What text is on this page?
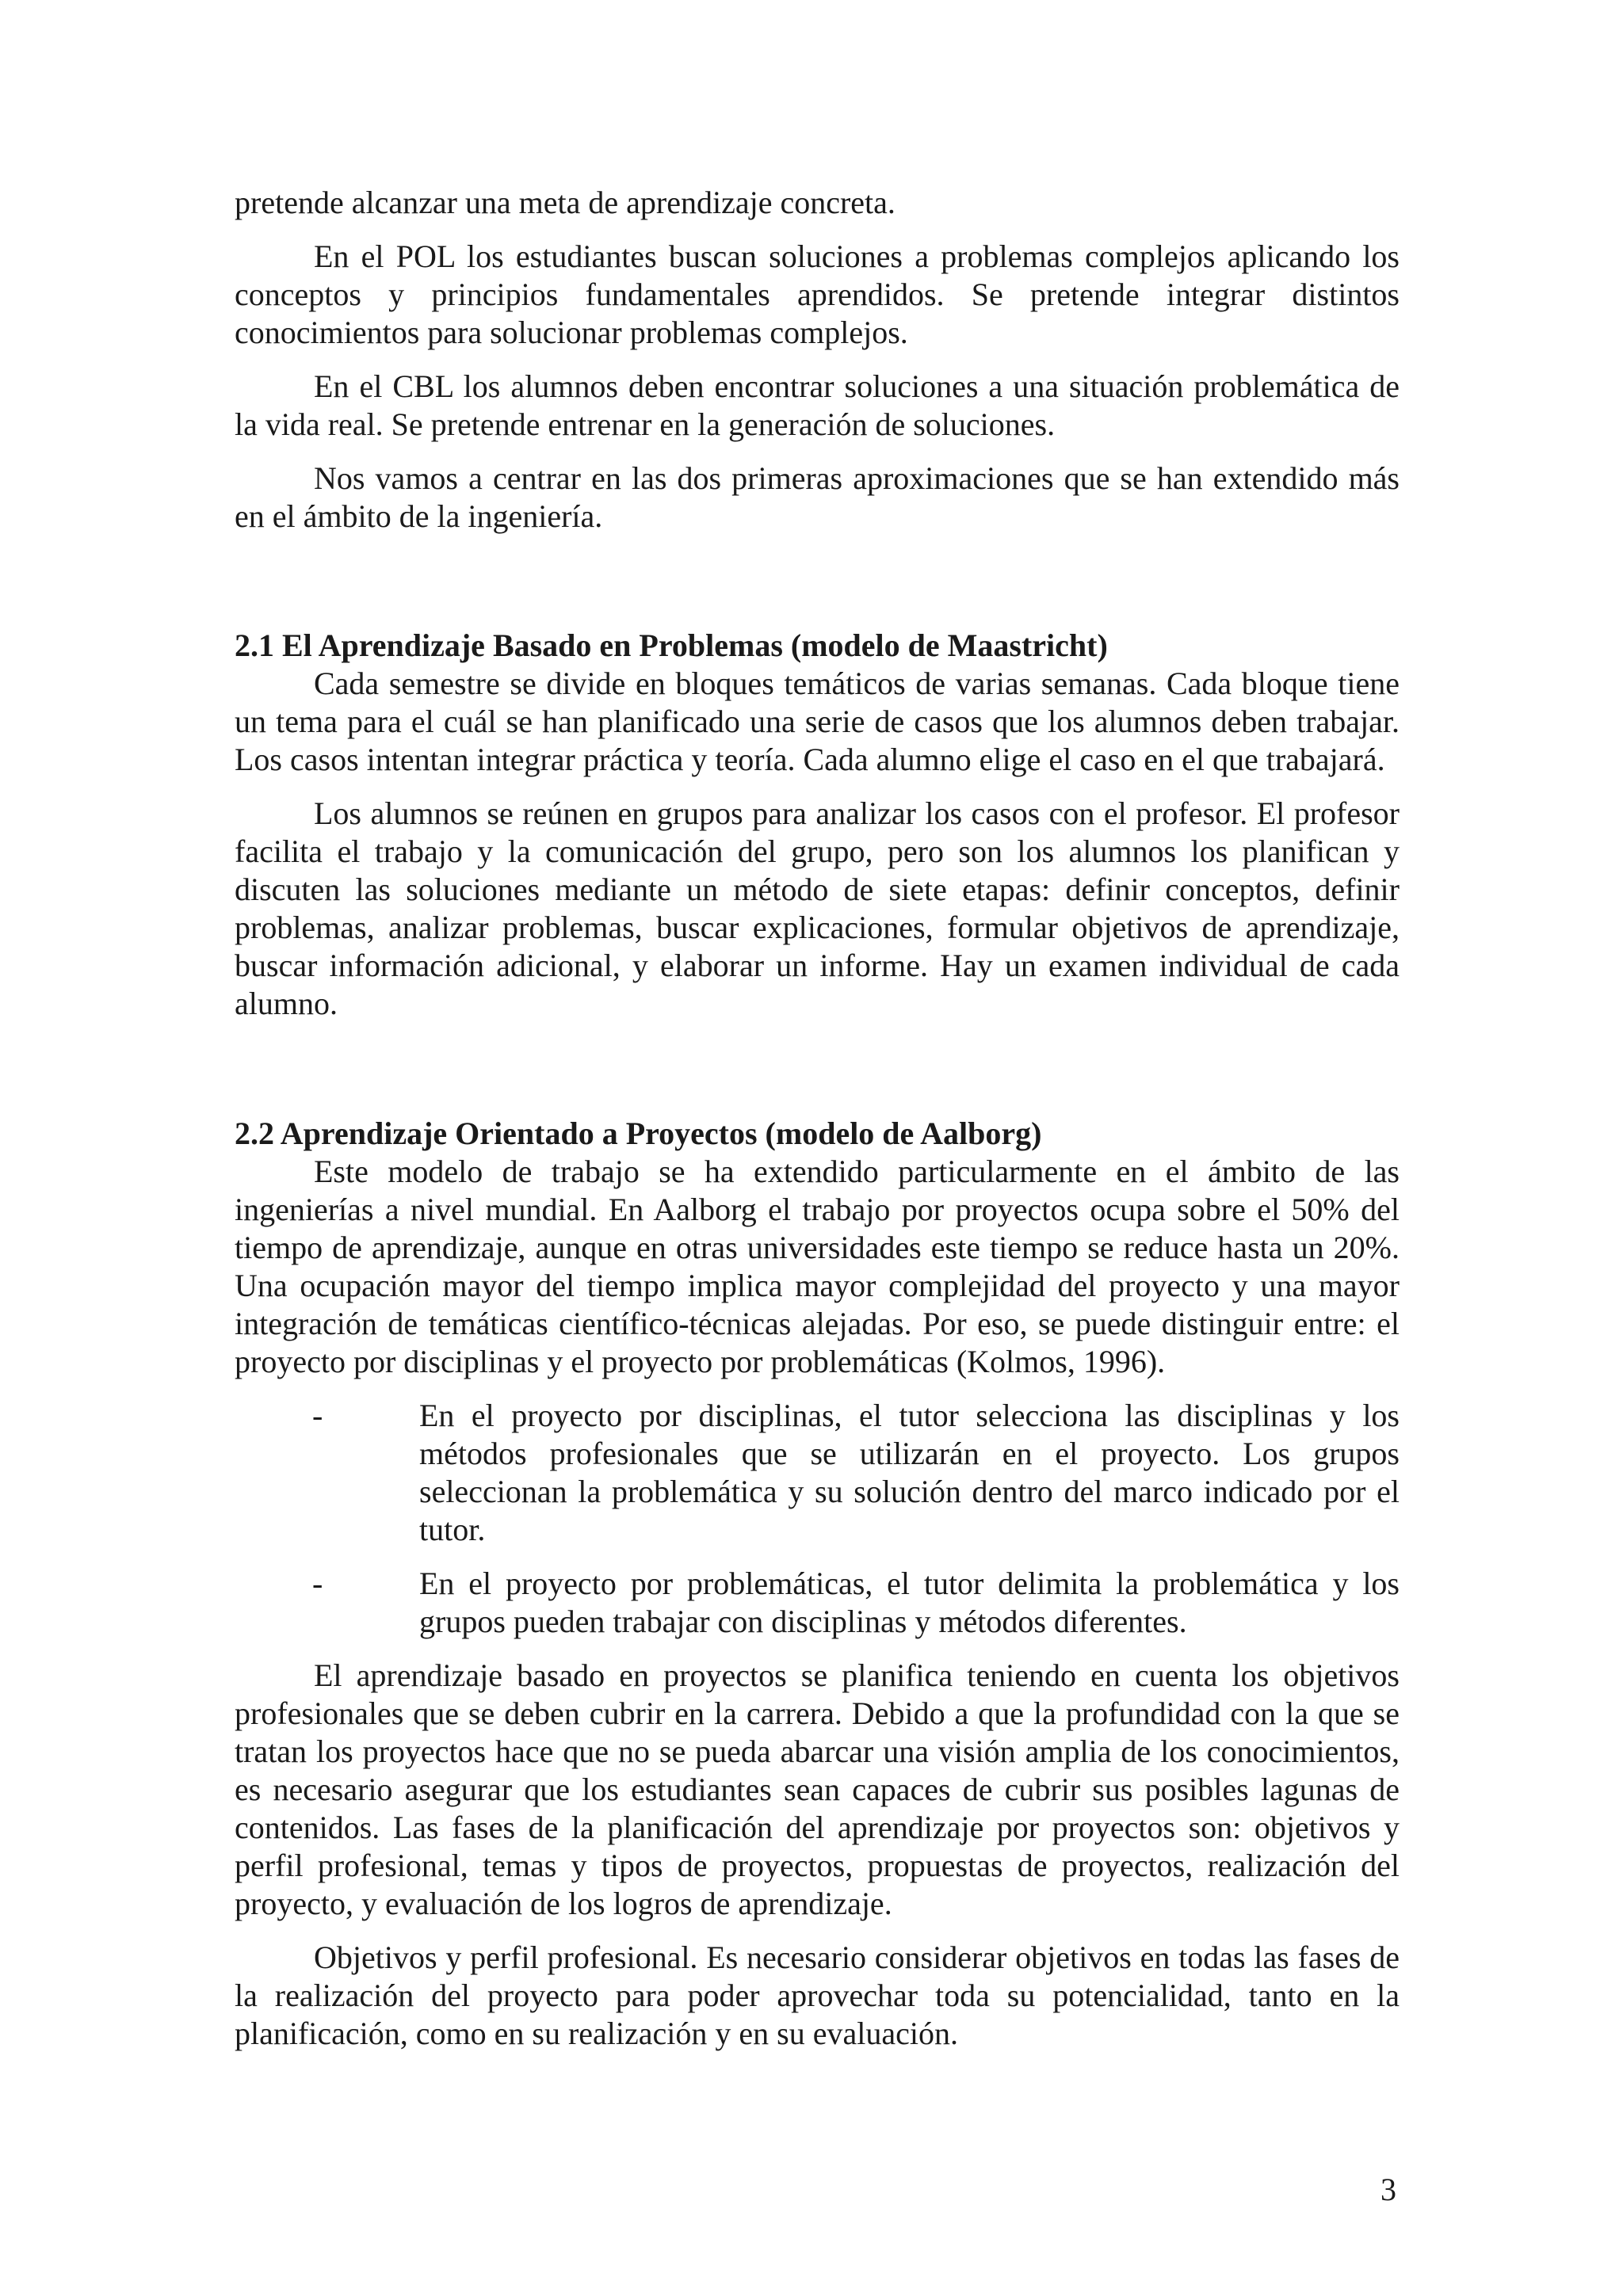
pretende alcanzar una meta de aprendizaje concreta.

En el POL los estudiantes buscan soluciones a problemas complejos aplicando los conceptos y principios fundamentales aprendidos. Se pretende integrar distintos conocimientos para solucionar problemas complejos.

En el CBL los alumnos deben encontrar soluciones a una situación problemática de la vida real. Se pretende entrenar en la generación de soluciones.

Nos vamos a centrar en las dos primeras aproximaciones que se han extendido más en el ámbito de la ingeniería.

2.1 El Aprendizaje Basado en Problemas (modelo de Maastricht)

Cada semestre se divide en bloques temáticos de varias semanas. Cada bloque tiene un tema para el cuál se han planificado una serie de casos que los alumnos deben trabajar. Los casos intentan integrar práctica y teoría. Cada alumno elige el caso en el que trabajará.

Los alumnos se reúnen en grupos para analizar los casos con el profesor. El profesor facilita el trabajo y la comunicación del grupo, pero son los alumnos los planifican y discuten las soluciones mediante un método de siete etapas: definir conceptos, definir problemas, analizar problemas, buscar explicaciones, formular objetivos de aprendizaje, buscar información adicional, y elaborar un informe. Hay un examen individual de cada alumno.

2.2 Aprendizaje Orientado a Proyectos (modelo de Aalborg)

Este modelo de trabajo se ha extendido particularmente en el ámbito de las ingenierías a nivel mundial. En Aalborg el trabajo por proyectos ocupa sobre el 50% del tiempo de aprendizaje, aunque en otras universidades este tiempo se reduce hasta un 20%. Una ocupación mayor del tiempo implica mayor complejidad del proyecto y una mayor integración de temáticas científico-técnicas alejadas. Por eso, se puede distinguir entre: el proyecto por disciplinas y el proyecto por problemáticas (Kolmos, 1996).

-	En el proyecto por disciplinas, el tutor selecciona las disciplinas y los métodos profesionales que se utilizarán en el proyecto. Los grupos seleccionan la problemática y su solución dentro del marco indicado por el tutor.
-	En el proyecto por problemáticas, el tutor delimita la problemática y los grupos pueden trabajar con disciplinas y métodos diferentes.

El aprendizaje basado en proyectos se planifica teniendo en cuenta los objetivos profesionales que se deben cubrir en la carrera. Debido a que la profundidad con la que se tratan los proyectos hace que no se pueda abarcar una visión amplia de los conocimientos, es necesario asegurar que los estudiantes sean capaces de cubrir sus posibles lagunas de contenidos. Las fases de la planificación del aprendizaje por proyectos son: objetivos y perfil profesional, temas y tipos de proyectos, propuestas de proyectos, realización del proyecto, y evaluación de los logros de aprendizaje.

Objetivos y perfil profesional. Es necesario considerar objetivos en todas las fases de la realización del proyecto para poder aprovechar toda su potencialidad, tanto en la planificación, como en su realización y en su evaluación.

3
